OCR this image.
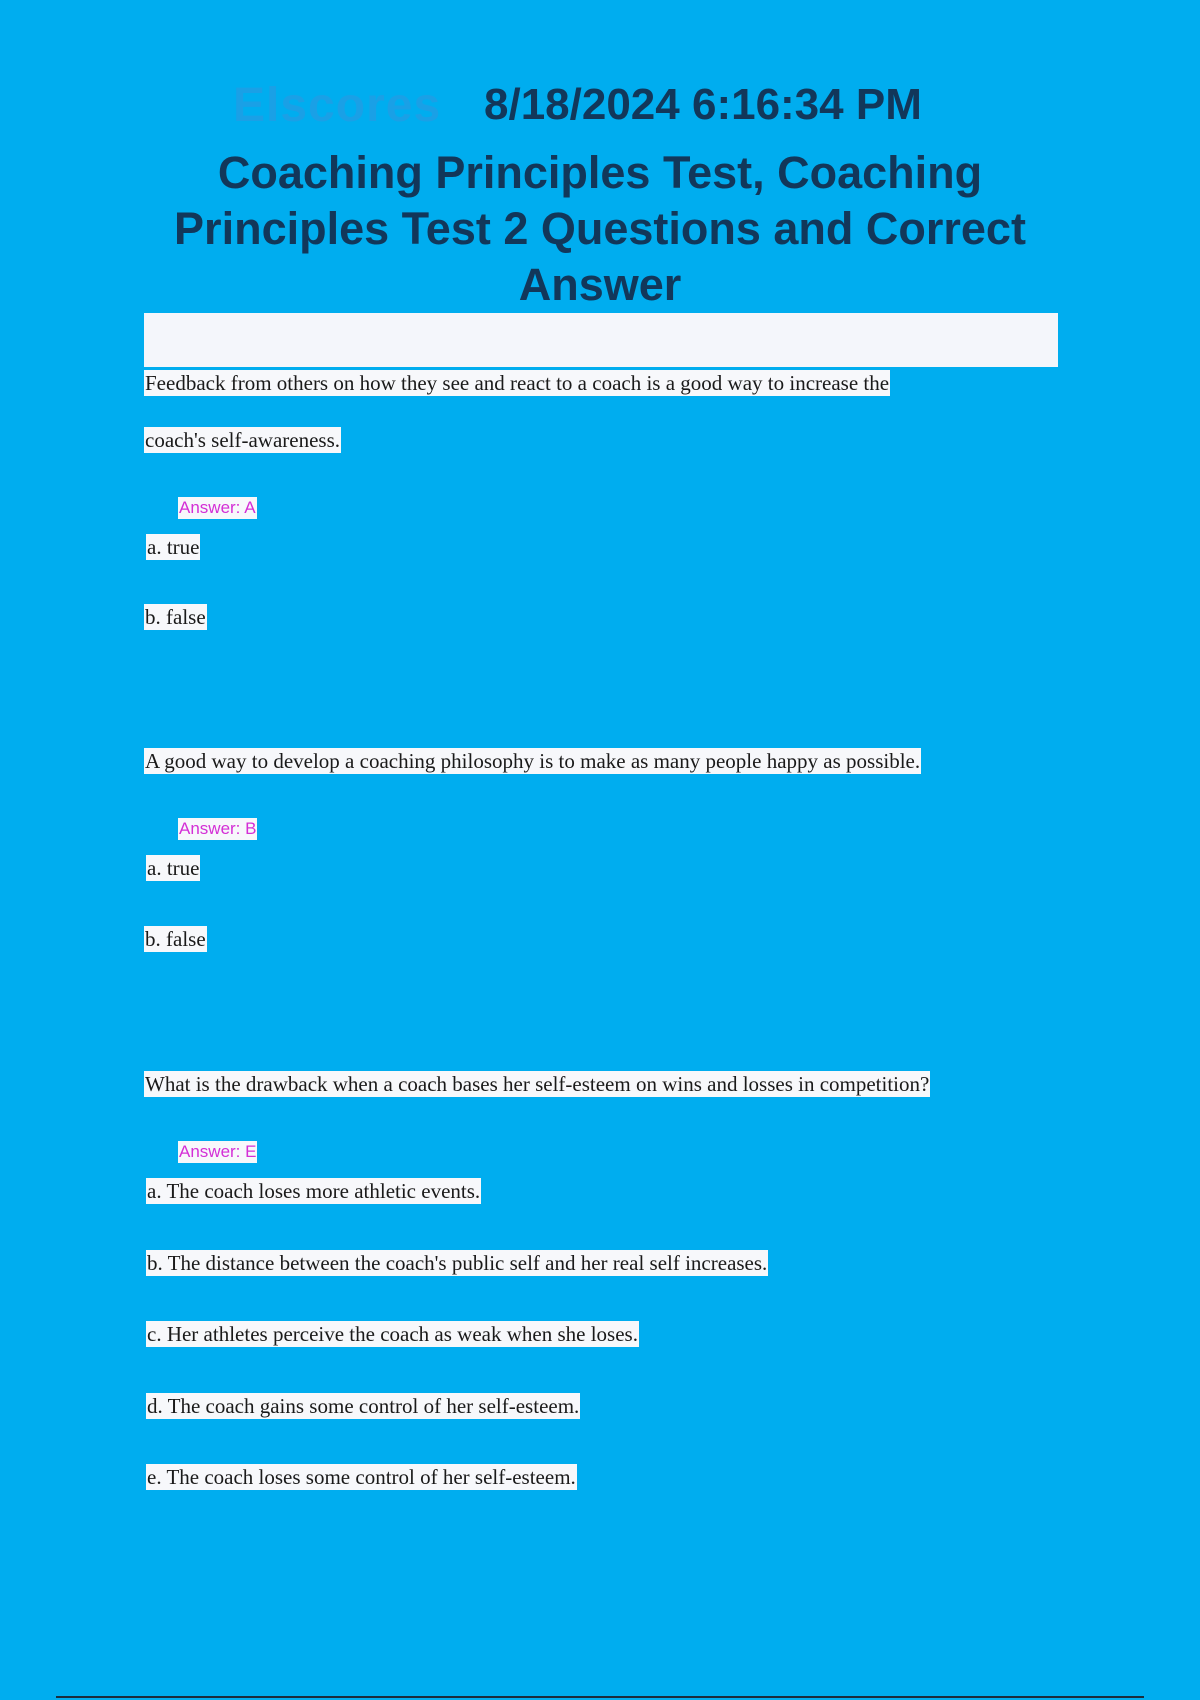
Elscores 8/18/2024 6:16:34 PM
Coaching Principles Test, Coaching Principles Test 2 Questions and Correct Answer
Feedback from others on how they see and react to a coach is a good way to increase the
coach's self-awareness.
Answer: A
a. true
b. false
A good way to develop a coaching philosophy is to make as many people happy as possible.
Answer: B
a. true
b. false
What is the drawback when a coach bases her self-esteem on wins and losses in competition?
Answer: E
a. The coach loses more athletic events.
b. The distance between the coach's public self and her real self increases.
c. Her athletes perceive the coach as weak when she loses.
d. The coach gains some control of her self-esteem.
e. The coach loses some control of her self-esteem.
